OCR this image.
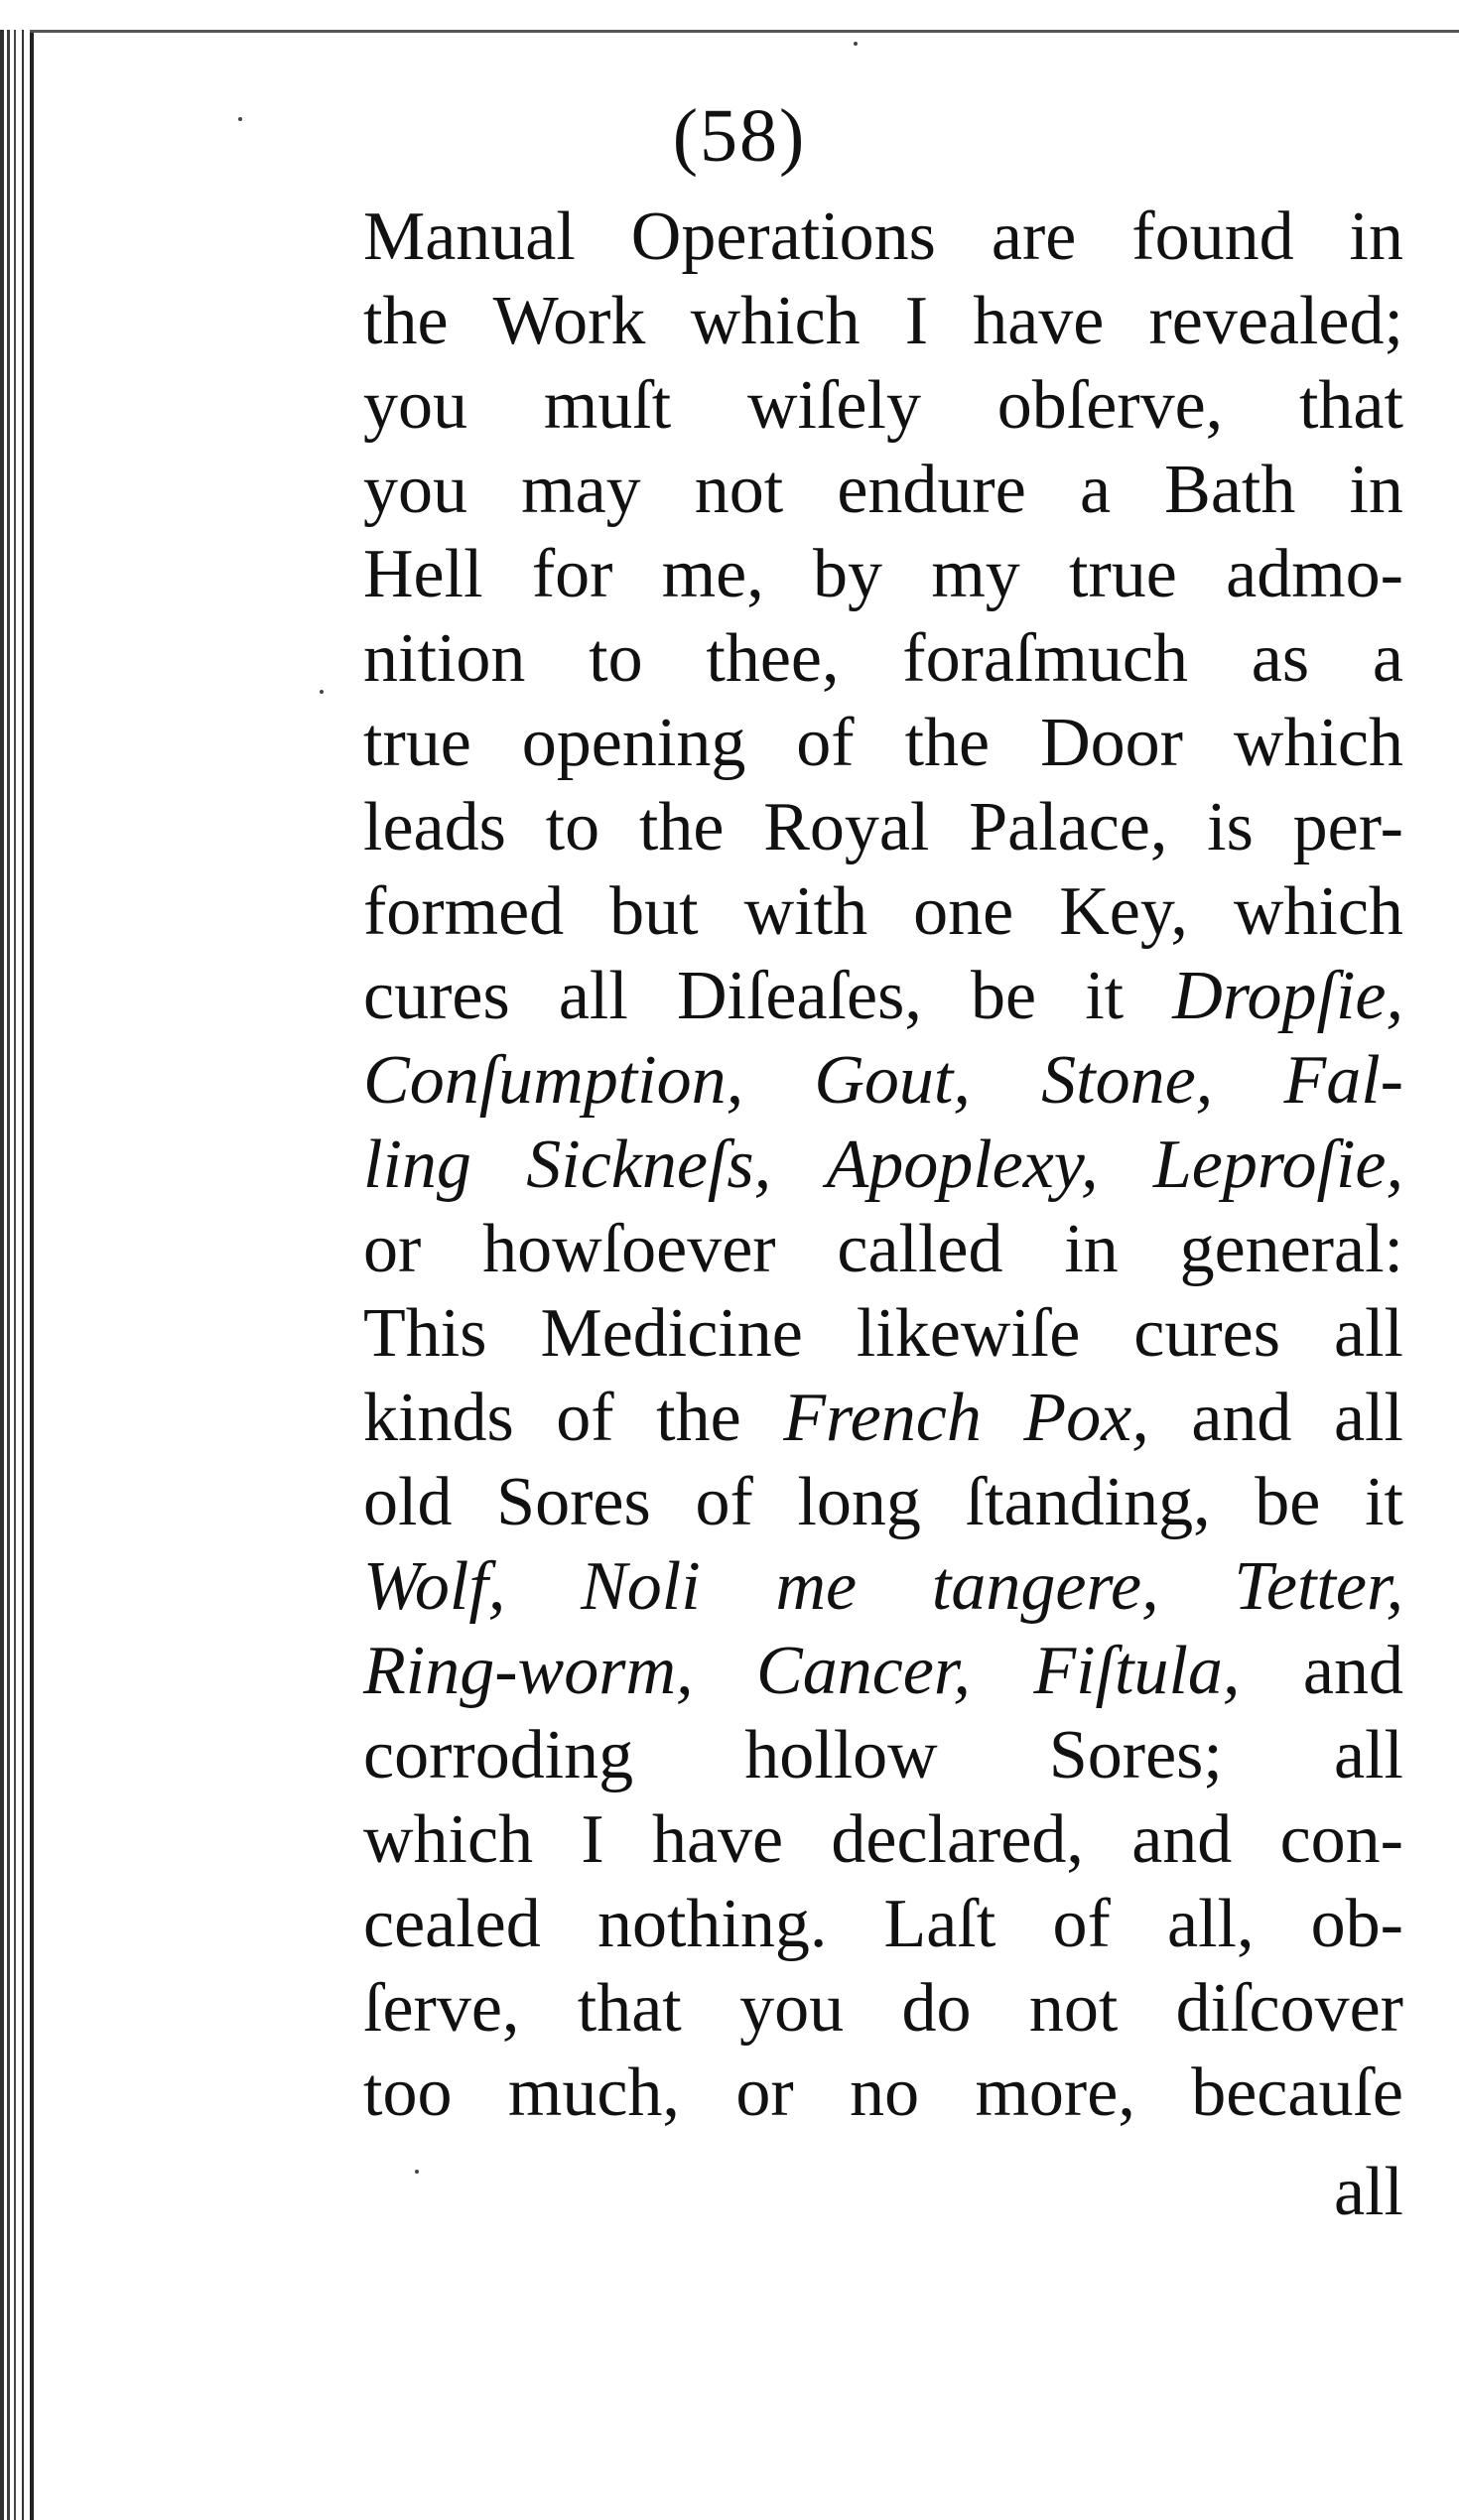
(58)
Manual Operations are found in
the Work which I have revealed;
you muſt wiſely obſerve, that
you may not endure a Bath in
Hell for me, by my true admo-
nition to thee, foraſmuch as a
true opening of the Door which
leads to the Royal Palace, is per-
formed but with one Key, which
cures all Diſeaſes, be it Dropſie,
Conſumption, Gout, Stone, Fal-
ling Sickneſs, Apoplexy, Leproſie,
or howſoever called in general:
This Medicine likewiſe cures all
kinds of the French Pox, and all
old Sores of long ſtanding, be it
Wolf, Noli me tangere, Tetter,
Ring-worm, Cancer, Fiſtula, and
corroding hollow Sores; all
which I have declared, and con-
cealed nothing. Laſt of all, ob-
ſerve, that you do not diſcover
too much, or no more, becauſe
all
